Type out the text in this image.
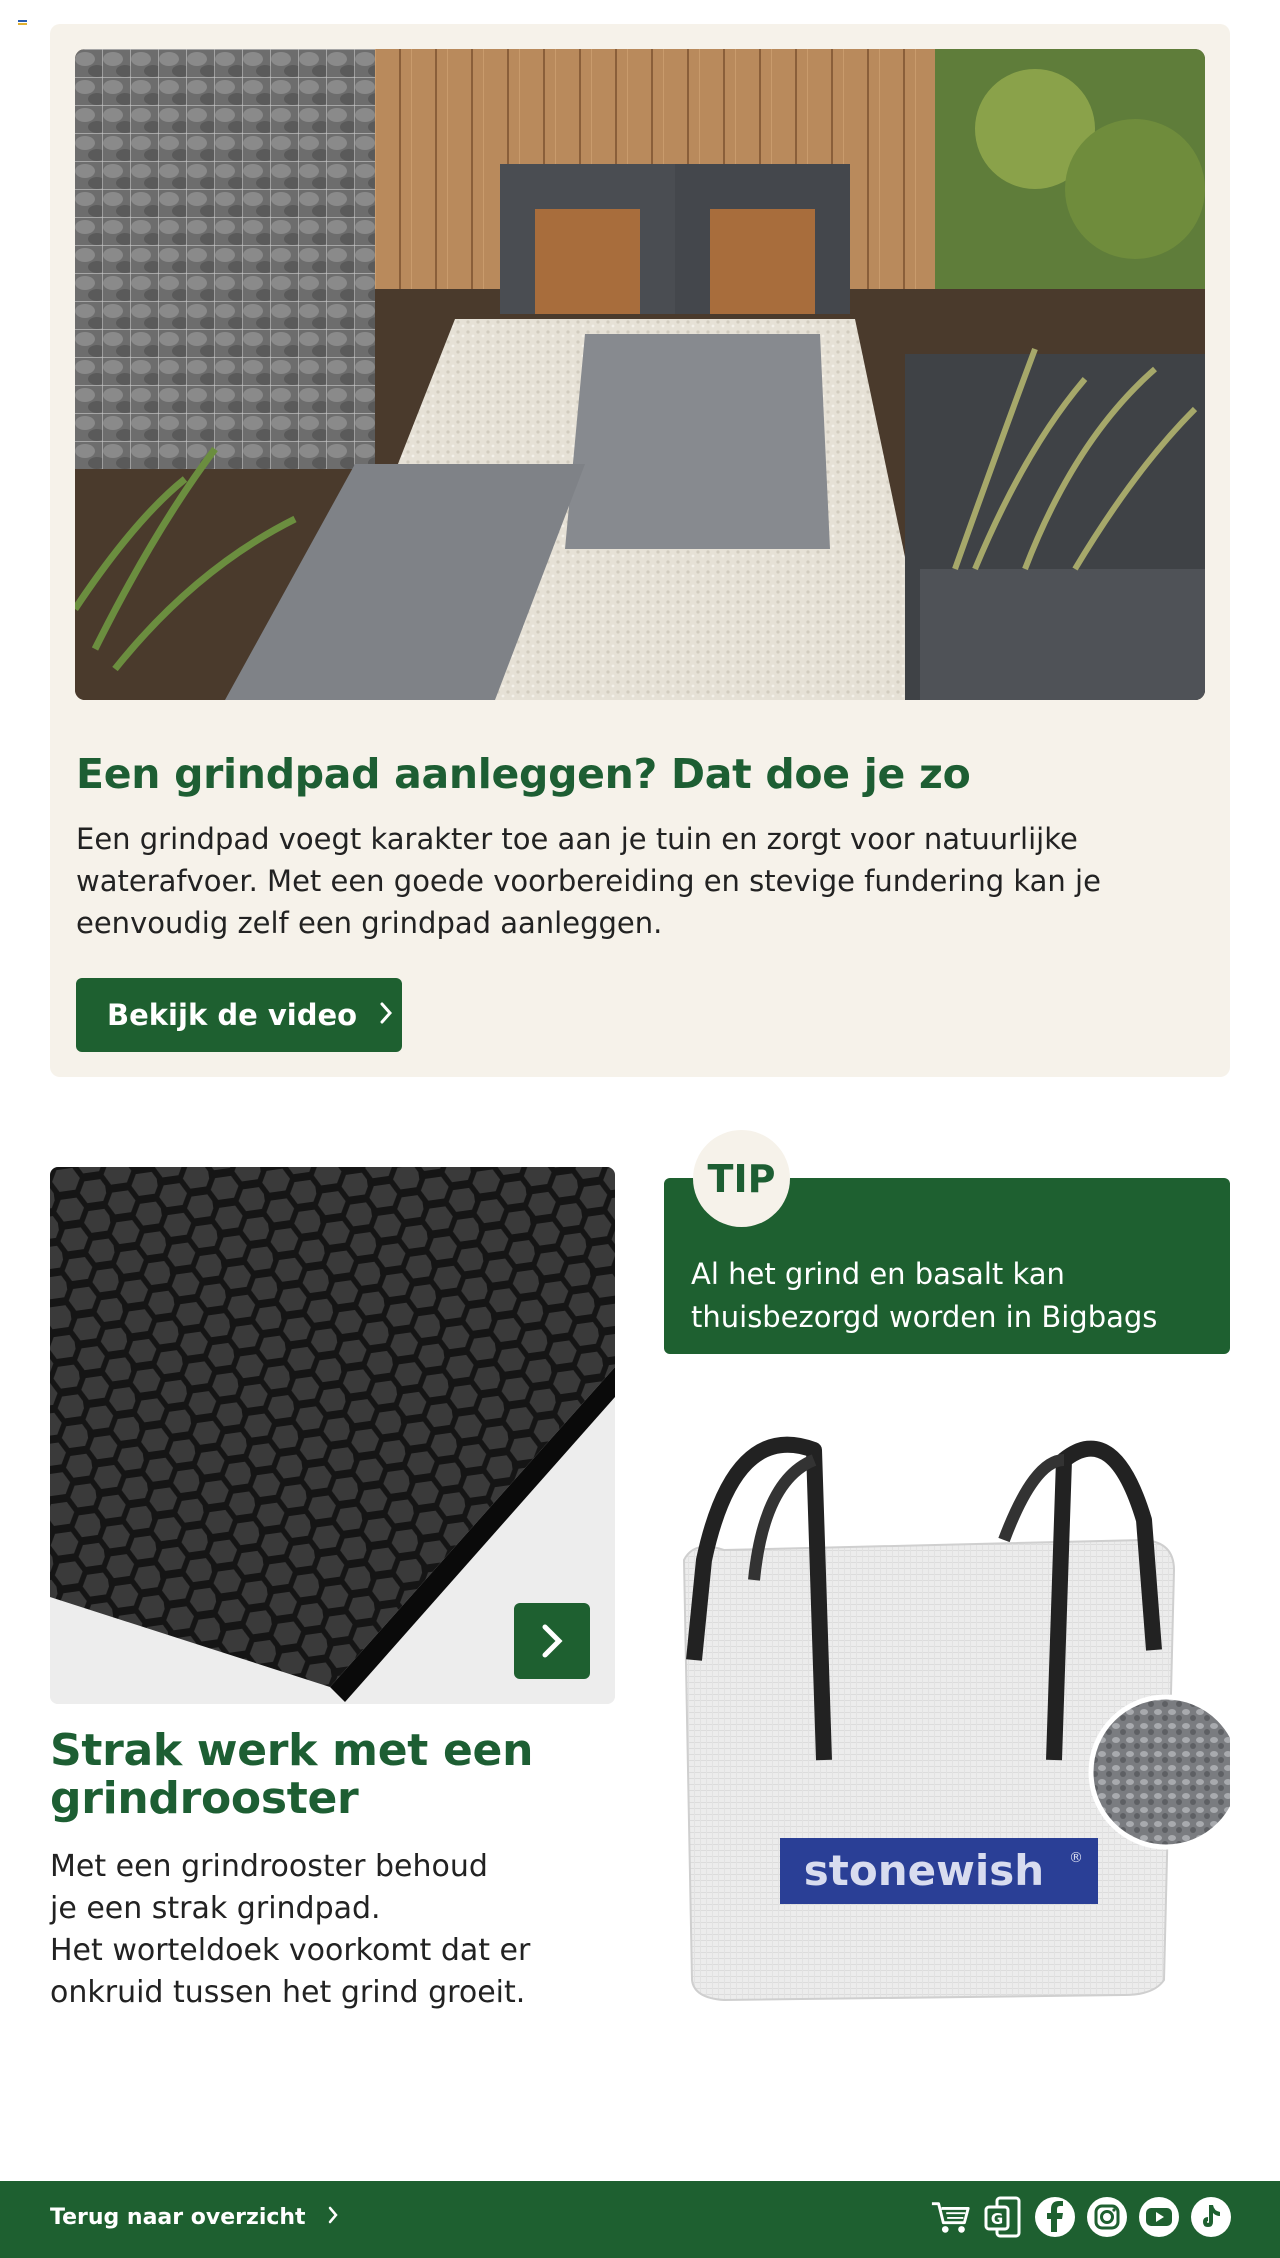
Een grindpad aanleggen? Dat doe je zo
Een grindpad voegt karakter toe aan je tuin en zorgt voor natuurlijke waterafvoer. Met een goede voorbereiding en stevige fundering kan je eenvoudig zelf een grindpad aanleggen.
Bekijk de video
Strak werk met een grindrooster
Met een grindrooster behoud
je een strak grindpad.
Het worteldoek voorkomt dat er
onkruid tussen het grind groeit.
TIP
Al het grind en basalt kan
thuisbezorgd worden in Bigbags
stonewish ®
Terug naar overzicht	G
